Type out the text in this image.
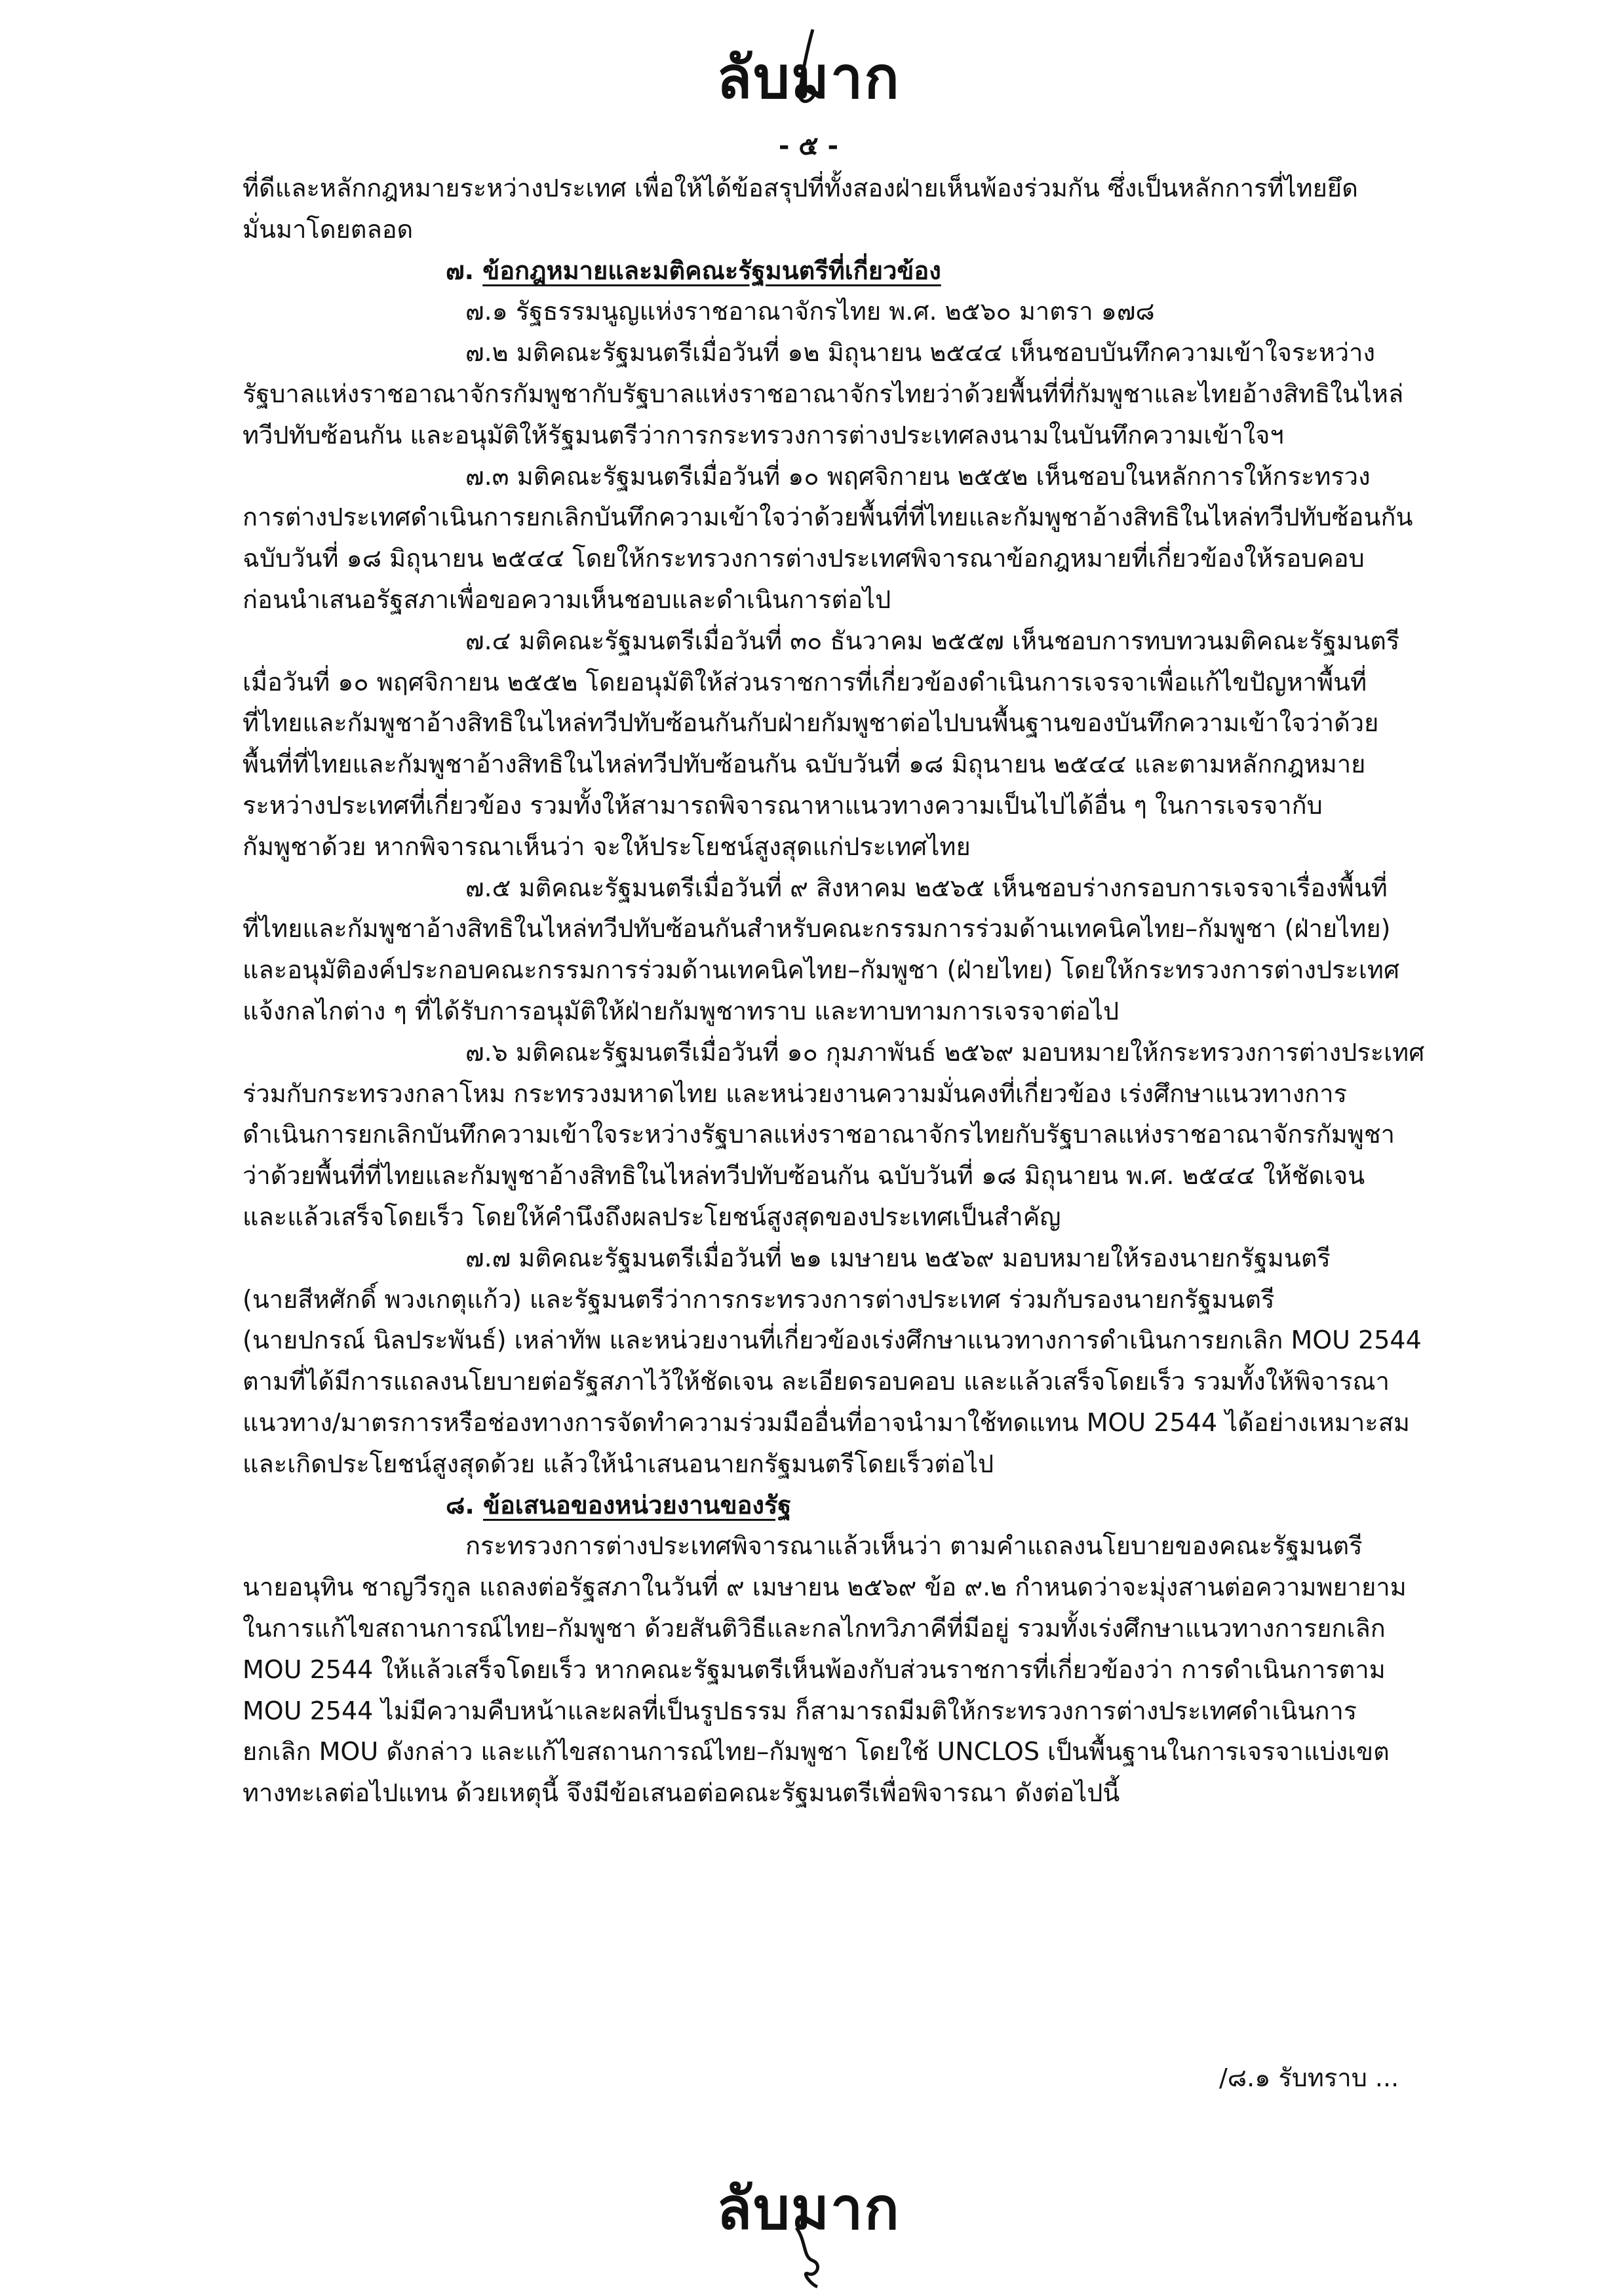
ลับมาก
- ๕ -
ที่ดีและหลักกฎหมายระหว่างประเทศ เพื่อให้ได้ข้อสรุปที่ทั้งสองฝ่ายเห็นพ้องร่วมกัน ซึ่งเป็นหลักการที่ไทยยึด
มั่นมาโดยตลอด
๗. ข้อกฎหมายและมติคณะรัฐมนตรีที่เกี่ยวข้อง
๗.๑ รัฐธรรมนูญแห่งราชอาณาจักรไทย พ.ศ. ๒๕๖๐ มาตรา ๑๗๘
๗.๒ มติคณะรัฐมนตรีเมื่อวันที่ ๑๒ มิถุนายน ๒๕๔๔ เห็นชอบบันทึกความเข้าใจระหว่าง
รัฐบาลแห่งราชอาณาจักรกัมพูชากับรัฐบาลแห่งราชอาณาจักรไทยว่าด้วยพื้นที่ที่กัมพูชาและไทยอ้างสิทธิในไหล่
ทวีปทับซ้อนกัน และอนุมัติให้รัฐมนตรีว่าการกระทรวงการต่างประเทศลงนามในบันทึกความเข้าใจฯ
๗.๓ มติคณะรัฐมนตรีเมื่อวันที่ ๑๐ พฤศจิกายน ๒๕๕๒ เห็นชอบในหลักการให้กระทรวง
การต่างประเทศดำเนินการยกเลิกบันทึกความเข้าใจว่าด้วยพื้นที่ที่ไทยและกัมพูชาอ้างสิทธิในไหล่ทวีปทับซ้อนกัน
ฉบับวันที่ ๑๘ มิถุนายน ๒๕๔๔ โดยให้กระทรวงการต่างประเทศพิจารณาข้อกฎหมายที่เกี่ยวข้องให้รอบคอบ
ก่อนนำเสนอรัฐสภาเพื่อขอความเห็นชอบและดำเนินการต่อไป
๗.๔ มติคณะรัฐมนตรีเมื่อวันที่ ๓๐ ธันวาคม ๒๕๕๗ เห็นชอบการทบทวนมติคณะรัฐมนตรี
เมื่อวันที่ ๑๐ พฤศจิกายน ๒๕๕๒ โดยอนุมัติให้ส่วนราชการที่เกี่ยวข้องดำเนินการเจรจาเพื่อแก้ไขปัญหาพื้นที่
ที่ไทยและกัมพูชาอ้างสิทธิในไหล่ทวีปทับซ้อนกันกับฝ่ายกัมพูชาต่อไปบนพื้นฐานของบันทึกความเข้าใจว่าด้วย
พื้นที่ที่ไทยและกัมพูชาอ้างสิทธิในไหล่ทวีปทับซ้อนกัน ฉบับวันที่ ๑๘ มิถุนายน ๒๕๔๔ และตามหลักกฎหมาย
ระหว่างประเทศที่เกี่ยวข้อง รวมทั้งให้สามารถพิจารณาหาแนวทางความเป็นไปได้อื่น ๆ ในการเจรจากับ
กัมพูชาด้วย หากพิจารณาเห็นว่า จะให้ประโยชน์สูงสุดแก่ประเทศไทย
๗.๕ มติคณะรัฐมนตรีเมื่อวันที่ ๙ สิงหาคม ๒๕๖๕ เห็นชอบร่างกรอบการเจรจาเรื่องพื้นที่
ที่ไทยและกัมพูชาอ้างสิทธิในไหล่ทวีปทับซ้อนกันสำหรับคณะกรรมการร่วมด้านเทคนิคไทย–กัมพูชา (ฝ่ายไทย)
และอนุมัติองค์ประกอบคณะกรรมการร่วมด้านเทคนิคไทย–กัมพูชา (ฝ่ายไทย) โดยให้กระทรวงการต่างประเทศ
แจ้งกลไกต่าง ๆ ที่ได้รับการอนุมัติให้ฝ่ายกัมพูชาทราบ และทาบทามการเจรจาต่อไป
๗.๖ มติคณะรัฐมนตรีเมื่อวันที่ ๑๐ กุมภาพันธ์ ๒๕๖๙ มอบหมายให้กระทรวงการต่างประเทศ
ร่วมกับกระทรวงกลาโหม กระทรวงมหาดไทย และหน่วยงานความมั่นคงที่เกี่ยวข้อง เร่งศึกษาแนวทางการ
ดำเนินการยกเลิกบันทึกความเข้าใจระหว่างรัฐบาลแห่งราชอาณาจักรไทยกับรัฐบาลแห่งราชอาณาจักรกัมพูชา
ว่าด้วยพื้นที่ที่ไทยและกัมพูชาอ้างสิทธิในไหล่ทวีปทับซ้อนกัน ฉบับวันที่ ๑๘ มิถุนายน พ.ศ. ๒๕๔๔ ให้ชัดเจน
และแล้วเสร็จโดยเร็ว โดยให้คำนึงถึงผลประโยชน์สูงสุดของประเทศเป็นสำคัญ
๗.๗ มติคณะรัฐมนตรีเมื่อวันที่ ๒๑ เมษายน ๒๕๖๙ มอบหมายให้รองนายกรัฐมนตรี
(นายสีหศักดิ์ พวงเกตุแก้ว) และรัฐมนตรีว่าการกระทรวงการต่างประเทศ ร่วมกับรองนายกรัฐมนตรี
(นายปกรณ์ นิลประพันธ์) เหล่าทัพ และหน่วยงานที่เกี่ยวข้องเร่งศึกษาแนวทางการดำเนินการยกเลิก MOU 2544
ตามที่ได้มีการแถลงนโยบายต่อรัฐสภาไว้ให้ชัดเจน ละเอียดรอบคอบ และแล้วเสร็จโดยเร็ว รวมทั้งให้พิจารณา
แนวทาง/มาตรการหรือช่องทางการจัดทำความร่วมมืออื่นที่อาจนำมาใช้ทดแทน MOU 2544 ได้อย่างเหมาะสม
และเกิดประโยชน์สูงสุดด้วย แล้วให้นำเสนอนายกรัฐมนตรีโดยเร็วต่อไป
๘. ข้อเสนอของหน่วยงานของรัฐ
กระทรวงการต่างประเทศพิจารณาแล้วเห็นว่า ตามคำแถลงนโยบายของคณะรัฐมนตรี
นายอนุทิน ชาญวีรกูล แถลงต่อรัฐสภาในวันที่ ๙ เมษายน ๒๕๖๙ ข้อ ๙.๒ กำหนดว่าจะมุ่งสานต่อความพยายาม
ในการแก้ไขสถานการณ์ไทย–กัมพูชา ด้วยสันติวิธีและกลไกทวิภาคีที่มีอยู่ รวมทั้งเร่งศึกษาแนวทางการยกเลิก
MOU 2544 ให้แล้วเสร็จโดยเร็ว หากคณะรัฐมนตรีเห็นพ้องกับส่วนราชการที่เกี่ยวข้องว่า การดำเนินการตาม
MOU 2544 ไม่มีความคืบหน้าและผลที่เป็นรูปธรรม ก็สามารถมีมติให้กระทรวงการต่างประเทศดำเนินการ
ยกเลิก MOU ดังกล่าว และแก้ไขสถานการณ์ไทย–กัมพูชา โดยใช้ UNCLOS เป็นพื้นฐานในการเจรจาแบ่งเขต
ทางทะเลต่อไปแทน ด้วยเหตุนี้ จึงมีข้อเสนอต่อคณะรัฐมนตรีเพื่อพิจารณา ดังต่อไปนี้
/๘.๑ รับทราบ ...
ลับมาก
